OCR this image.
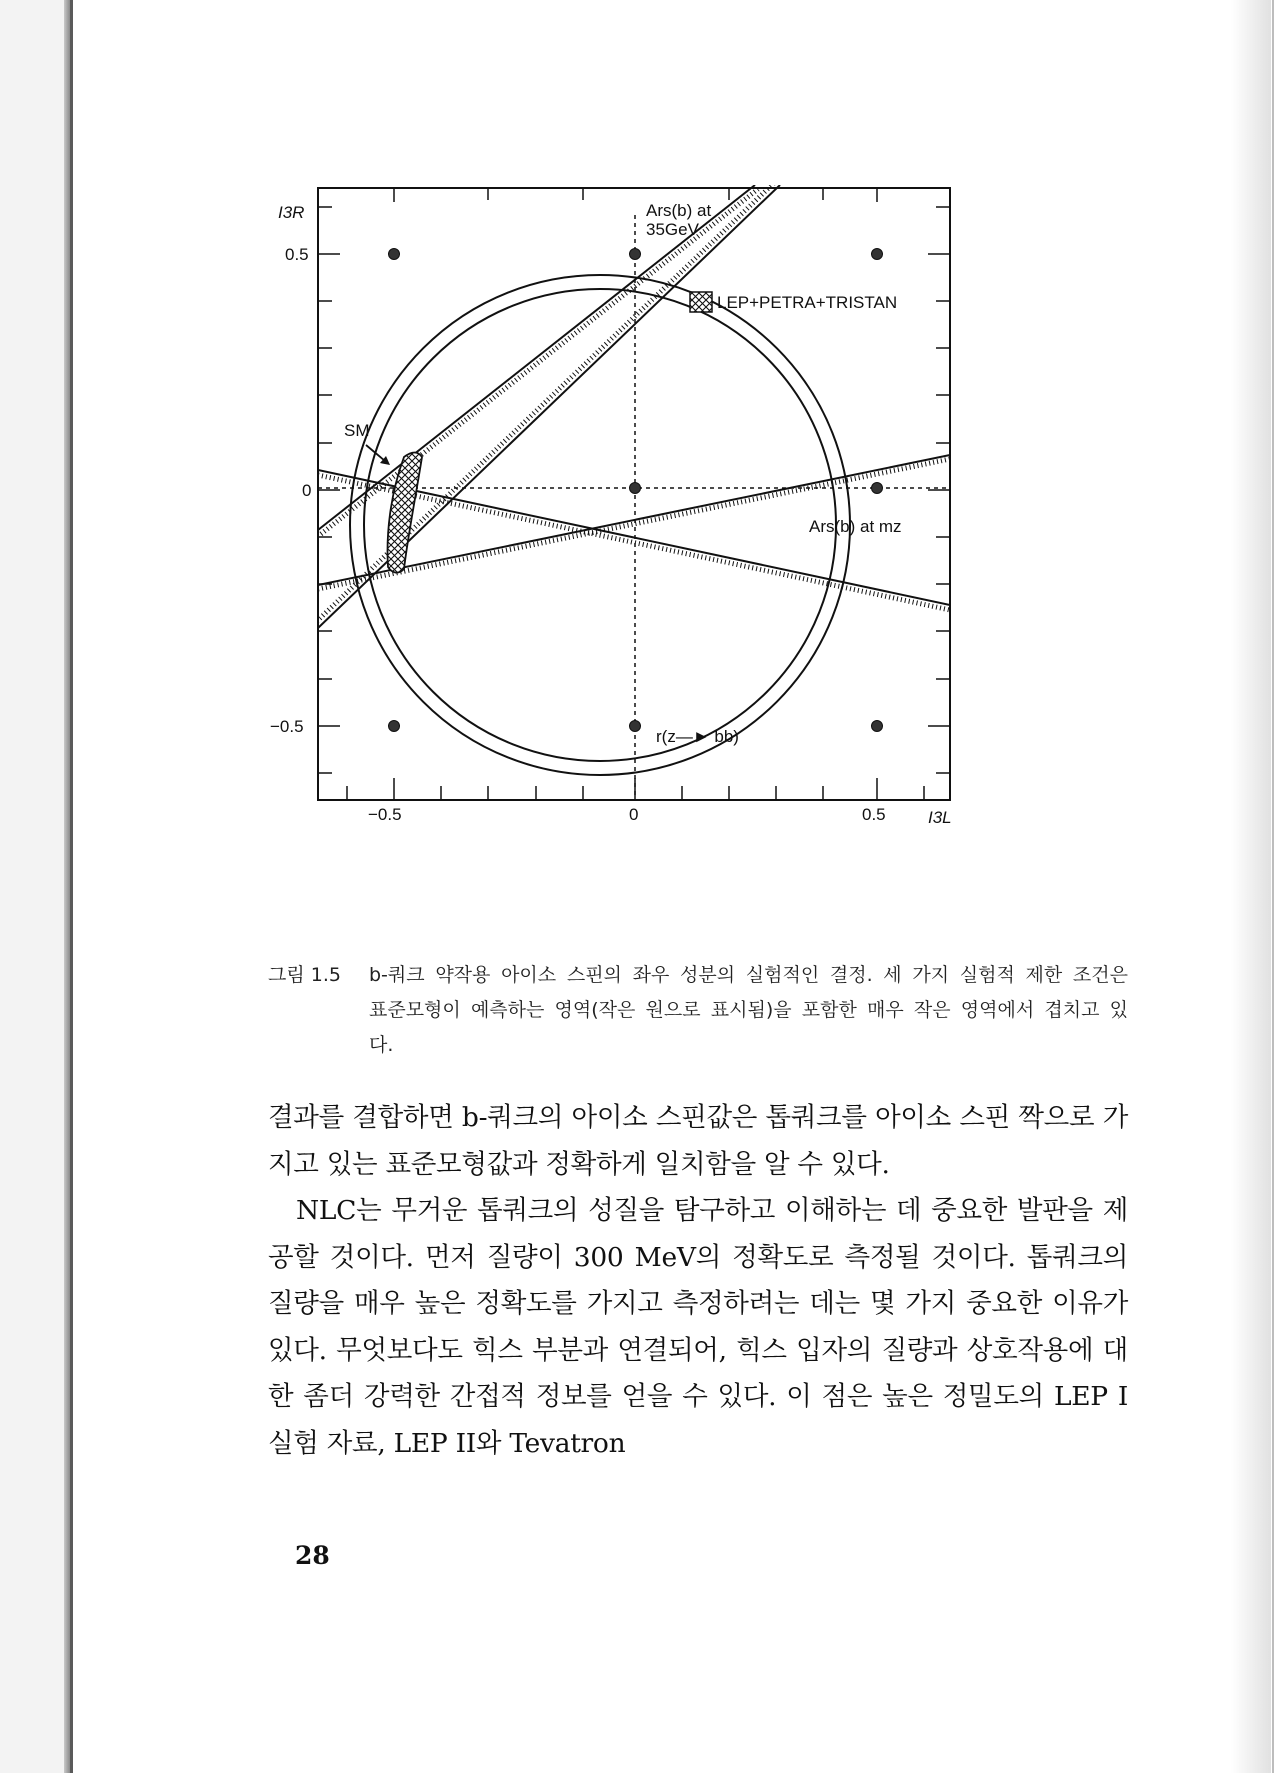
I3R
0.5
0
−0.5
−0.5	0	0.5 I3L
Ars(b) at
35GeV
LEP+PETRA+TRISTAN
SM
Ars(b) at mz
r(z—► bb)
그림 1.5 b-쿼크 약작용 아이소 스핀의 좌우 성분의 실험적인 결정. 세 가지 실험적 제한 조건은 표준모형이 예측하는 영역(작은 원으로 표시됨)을 포함한 매우 작은 영역에서 겹치고 있다.

결과를 결합하면 b-쿼크의 아이소 스핀값은 톱쿼크를 아이소 스핀 짝으로 가지고 있는 표준모형값과 정확하게 일치함을 알 수 있다.

NLC는 무거운 톱쿼크의 성질을 탐구하고 이해하는 데 중요한 발판을 제공할 것이다. 먼저 질량이 300 MeV의 정확도로 측정될 것이다. 톱쿼크의 질량을 매우 높은 정확도를 가지고 측정하려는 데는 몇 가지 중요한 이유가 있다. 무엇보다도 힉스 부분과 연결되어, 힉스 입자의 질량과 상호작용에 대한 좀더 강력한 간접적 정보를 얻을 수 있다. 이 점은 높은 정밀도의 LEP I 실험 자료, LEP II와 Tevatron

28
